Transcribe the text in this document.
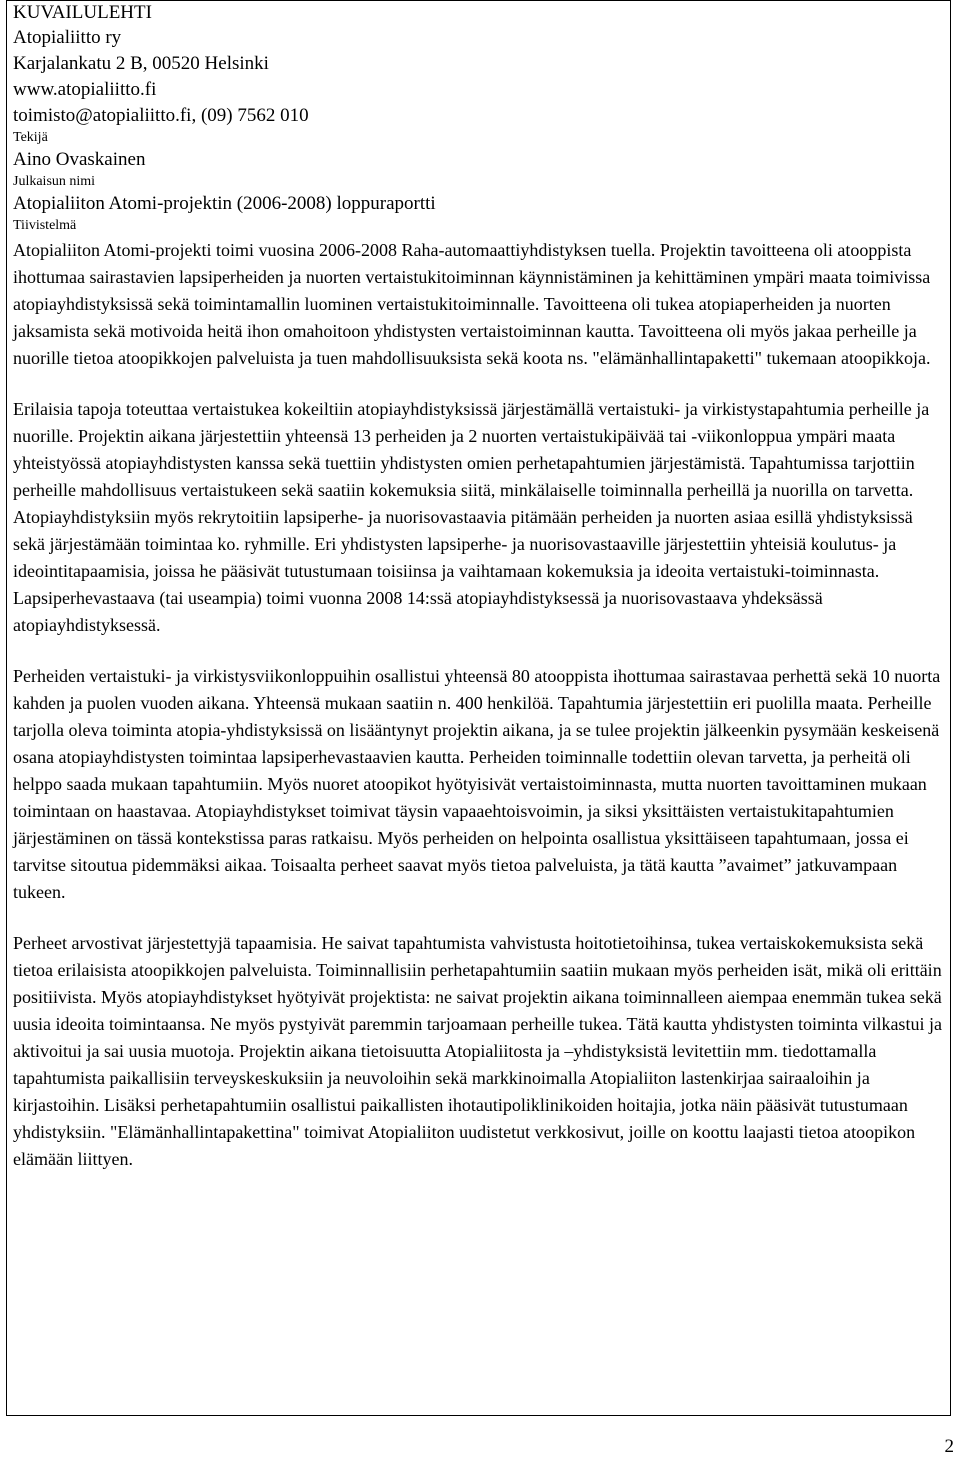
KUVAILULEHTI
Atopialiitto ry
Karjalankatu 2 B, 00520 Helsinki
www.atopialiitto.fi
toimisto@atopialiitto.fi, (09) 7562 010
Tekijä
Aino Ovaskainen
Julkaisun nimi
Atopialiiton Atomi-projektin (2006-2008) loppuraportti
Tiivistelmä

Atopialiiton Atomi-projekti toimi vuosina 2006-2008 Raha-automaattiyhdistyksen tuella. Projektin tavoitteena oli atooppista ihottumaa sairastavien lapsiperheiden ja nuorten vertaistukitoiminnan käynnistäminen ja kehittäminen ympäri maata toimivissa atopiayhdistyksissä sekä toimintamallin luominen vertaistukitoiminnalle. Tavoitteena oli tukea atopiaperheiden ja nuorten jaksamista sekä motivoida heitä ihon omahoitoon yhdistysten vertaistoiminnan kautta. Tavoitteena oli myös jakaa perheille ja nuorille tietoa atoopikkojen palveluista ja tuen mahdollisuuksista sekä koota ns. "elämänhallintapaketti" tukemaan atoopikkoja.

Erilaisia tapoja toteuttaa vertaistukea kokeiltiin atopiayhdistyksissä järjestämällä vertaistuki- ja virkistystapahtumia perheille ja nuorille. Projektin aikana järjestettiin yhteensä 13 perheiden ja 2 nuorten vertaistukipäivää tai -viikonloppua ympäri maata yhteistyössä atopiayhdistysten kanssa sekä tuettiin yhdistysten omien perhetapahtumien järjestämistä. Tapahtumissa tarjottiin perheille mahdollisuus vertaistukeen sekä saatiin kokemuksia siitä, minkälaiselle toiminnalla perheillä ja nuorilla on tarvetta. Atopiayhdistyksiin myös rekrytoitiin lapsiperhe- ja nuorisovastaavia pitämään perheiden ja nuorten asiaa esillä yhdistyksissä sekä järjestämään toimintaa ko. ryhmille. Eri yhdistysten lapsiperhe- ja nuorisovastaaville järjestettiin yhteisiä koulutus- ja ideointitapaamisia, joissa he pääsivät tutustumaan toisiinsa ja vaihtamaan kokemuksia ja ideoita vertaistuki-toiminnasta. Lapsiperhevastaava (tai useampia) toimi vuonna 2008 14:ssä atopiayhdistyksessä ja nuorisovastaava yhdeksässä atopiayhdistyksessä.

Perheiden vertaistuki- ja virkistysviikonloppuihin osallistui yhteensä 80 atooppista ihottumaa sairastavaa perhettä sekä 10 nuorta kahden ja puolen vuoden aikana. Yhteensä mukaan saatiin n. 400 henkilöä. Tapahtumia järjestettiin eri puolilla maata. Perheille tarjolla oleva toiminta atopia-yhdistyksissä on lisääntynyt projektin aikana, ja se tulee projektin jälkeenkin pysymään keskeisenä osana atopiayhdistysten toimintaa lapsiperhevastaavien kautta. Perheiden toiminnalle todettiin olevan tarvetta, ja perheitä oli helppo saada mukaan tapahtumiin. Myös nuoret atoopikot hyötyisivät vertaistoiminnasta, mutta nuorten tavoittaminen mukaan toimintaan on haastavaa. Atopiayhdistykset toimivat täysin vapaaehtoisvoimin, ja siksi yksittäisten vertaistukitapahtumien järjestäminen on tässä kontekstissa paras ratkaisu. Myös perheiden on helpointa osallistua yksittäiseen tapahtumaan, jossa ei tarvitse sitoutua pidemmäksi aikaa. Toisaalta perheet saavat myös tietoa palveluista, ja tätä kautta ”avaimet” jatkuvampaan tukeen.

Perheet arvostivat järjestettyjä tapaamisia. He saivat tapahtumista vahvistusta hoitotietoihinsa, tukea vertaiskokemuksista sekä tietoa erilaisista atoopikkojen palveluista. Toiminnallisiin perhetapahtumiin saatiin mukaan myös perheiden isät, mikä oli erittäin positiivista. Myös atopiayhdistykset hyötyivät projektista: ne saivat projektin aikana toiminnalleen aiempaa enemmän tukea sekä uusia ideoita toimintaansa. Ne myös pystyivät paremmin tarjoamaan perheille tukea. Tätä kautta yhdistysten toiminta vilkastui ja aktivoitui ja sai uusia muotoja. Projektin aikana tietoisuutta Atopialiitosta ja –yhdistyksistä levitettiin mm. tiedottamalla tapahtumista paikallisiin terveyskeskuksiin ja neuvoloihin sekä markkinoimalla Atopialiiton lastenkirjaa sairaaloihin ja kirjastoihin. Lisäksi perhetapahtumiin osallistui paikallisten ihotautipoliklinikoiden hoitajia, jotka näin pääsivät tutustumaan yhdistyksiin. "Elämänhallintapakettina" toimivat Atopialiiton uudistetut verkkosivut, joille on koottu laajasti tietoa atoopikon elämään liittyen.

2
